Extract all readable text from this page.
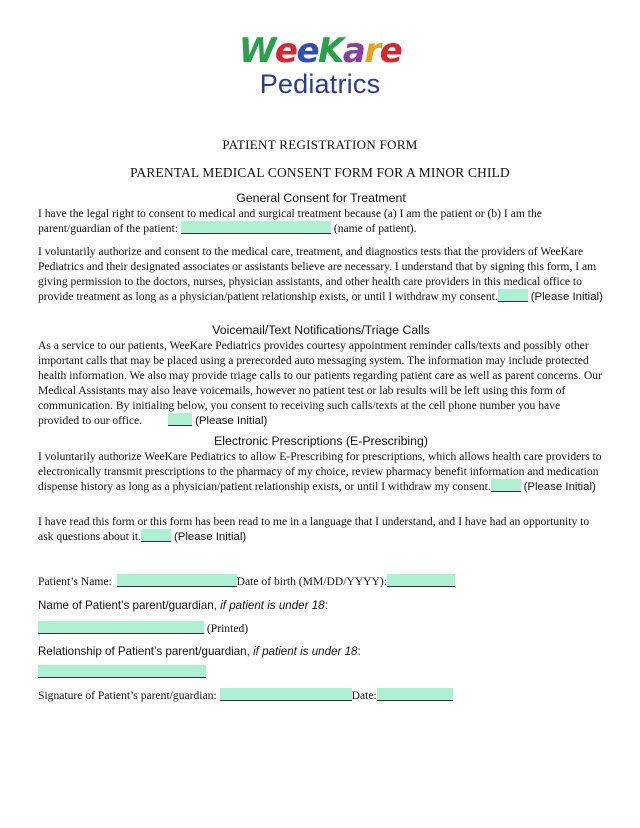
W e e K a r e
Pediatrics
PATIENT REGISTRATION FORM
PARENTAL MEDICAL CONSENT FORM FOR A MINOR CHILD
General Consent for Treatment
I have the legal right to consent to medical and surgical treatment because (a) I am the patient or (b) I am the parent/guardian of the patient:	(name of patient).
I voluntarily authorize and consent to the medical care, treatment, and diagnostics tests that the providers of WeeKare Pediatrics and their designated associates or assistants believe are necessary. I understand that by signing this form, I am giving permission to the doctors, nurses, physician assistants, and other health care providers in this medical office to provide treatment as long as a physician/patient relationship exists, or until I withdraw my consent.	(Please Initial)
Voicemail/Text Notifications/Triage Calls
As a service to our patients, WeeKare Pediatrics provides courtesy appointment reminder calls/texts and possibly other important calls that may be placed using a prerecorded auto messaging system. The information may include protected health information. We also may provide triage calls to our patients regarding patient care as well as parent concerns. Our Medical Assistants may also leave voicemails, however no patient test or lab results will be left using this form of communication. By initialing below, you consent to receiving such calls/texts at the cell phone number you have provided to our office.	(Please Initial)
Electronic Prescriptions (E-Prescribing)
I voluntarily authorize WeeKare Pediatrics to allow E-Prescribing for prescriptions, which allows health care providers to electronically transmit prescriptions to the pharmacy of my choice, review pharmacy benefit information and medication dispense history as long as a physician/patient relationship exists, or until I withdraw my consent.	(Please Initial)
I have read this form or this form has been read to me in a language that I understand, and I have had an opportunity to ask questions about it.	(Please Initial)
Patient’s Name:	Date of birth (MM/DD/YYYY):
Name of Patient’s parent/guardian, if patient is under 18:
(Printed)
Relationship of Patient’s parent/guardian, if patient is under 18:
Signature of Patient’s parent/guardian:	Date:
